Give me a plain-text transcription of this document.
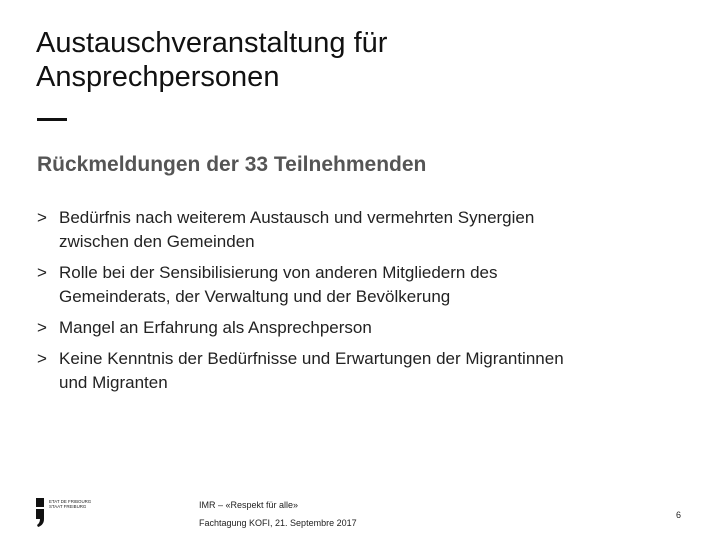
Austauschveranstaltung für
Ansprechpersonen
Rückmeldungen der 33 Teilnehmenden
> Bedürfnis nach weiterem Austausch und vermehrten Synergien
zwischen den Gemeinden
> Rolle bei der Sensibilisierung von anderen Mitgliedern des
Gemeinderats, der Verwaltung und der Bevölkerung
> Mangel an Erfahrung als Ansprechperson
> Keine Kenntnis der Bedürfnisse und Erwartungen der Migrantinnen
und Migranten
ETAT DE FRIBOURG
STAAT FREIBURG	IMR – «Respekt für alle»
Fachtagung KOFI, 21. Septembre 2017
6
